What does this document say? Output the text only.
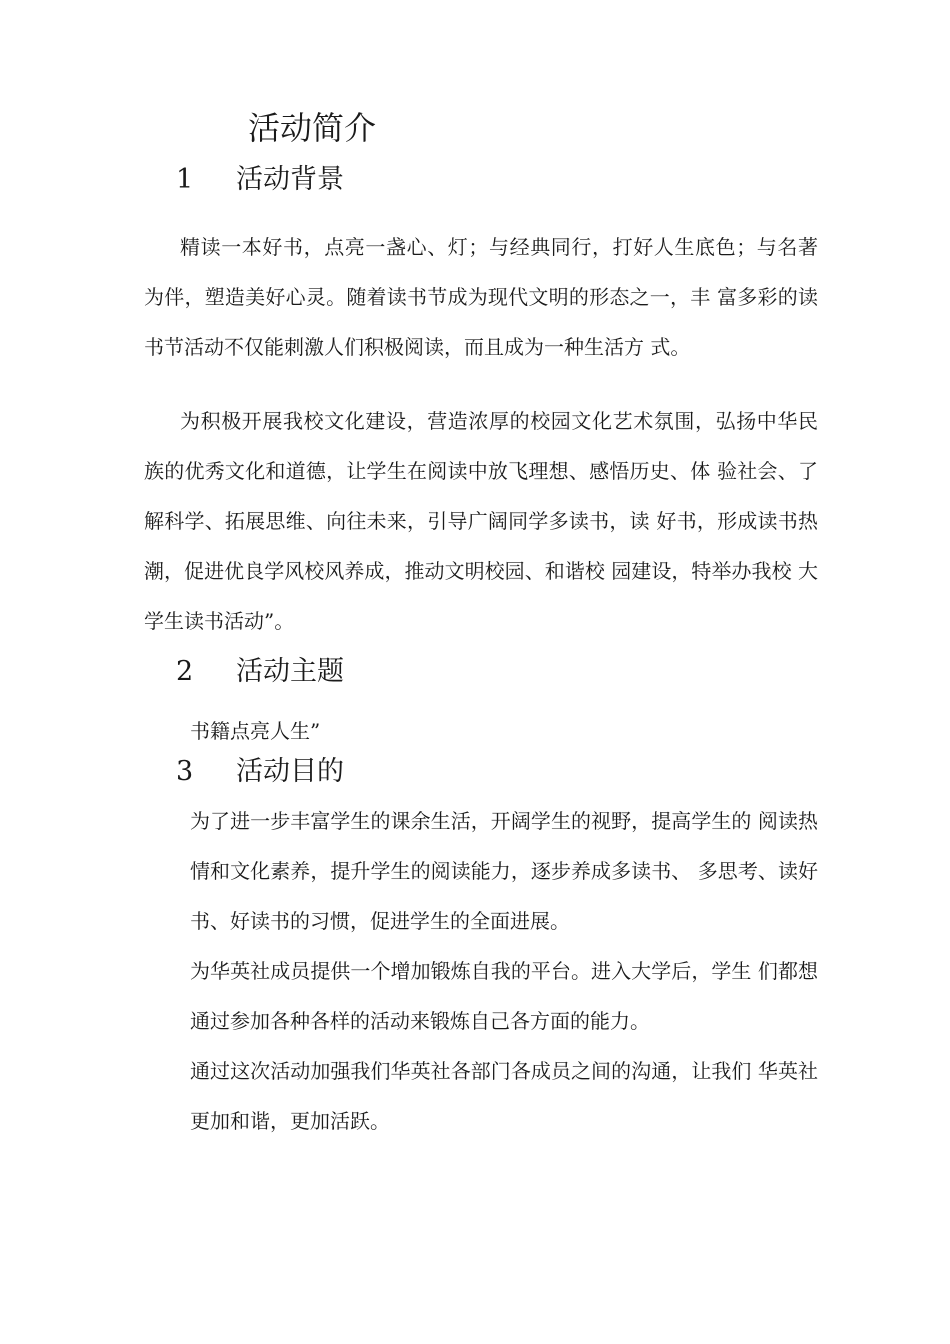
活动简介
1 活动背景

精读一本好书，点亮一盏心、灯；与经典同行，打好人生底色；与名著为伴，塑造美好心灵。随着读书节成为现代文明的形态之一，丰 富多彩的读书节活动不仅能刺激人们积极阅读，而且成为一种生活方 式。

为积极开展我校文化建设，营造浓厚的校园文化艺术氛围，弘扬中华民族的优秀文化和道德，让学生在阅读中放飞理想、感悟历史、体 验社会、了解科学、拓展思维、向往未来，引导广阔同学多读书，读 好书，形成读书热潮，促进优良学风校风养成，推动文明校园、和谐校 园建设，特举办我校 大学生读书活动”。

2 活动主题

书籍点亮人生”

3 活动目的

为了进一步丰富学生的课余生活，开阔学生的视野，提高学生的 阅读热情和文化素养，提升学生的阅读能力，逐步养成多读书、 多思考、读好书、好读书的习惯，促进学生的全面进展。

为华英社成员提供一个增加锻炼自我的平台。进入大学后，学生 们都想通过参加各种各样的活动来锻炼自己各方面的能力。

通过这次活动加强我们华英社各部门各成员之间的沟通，让我们 华英社更加和谐，更加活跃。
